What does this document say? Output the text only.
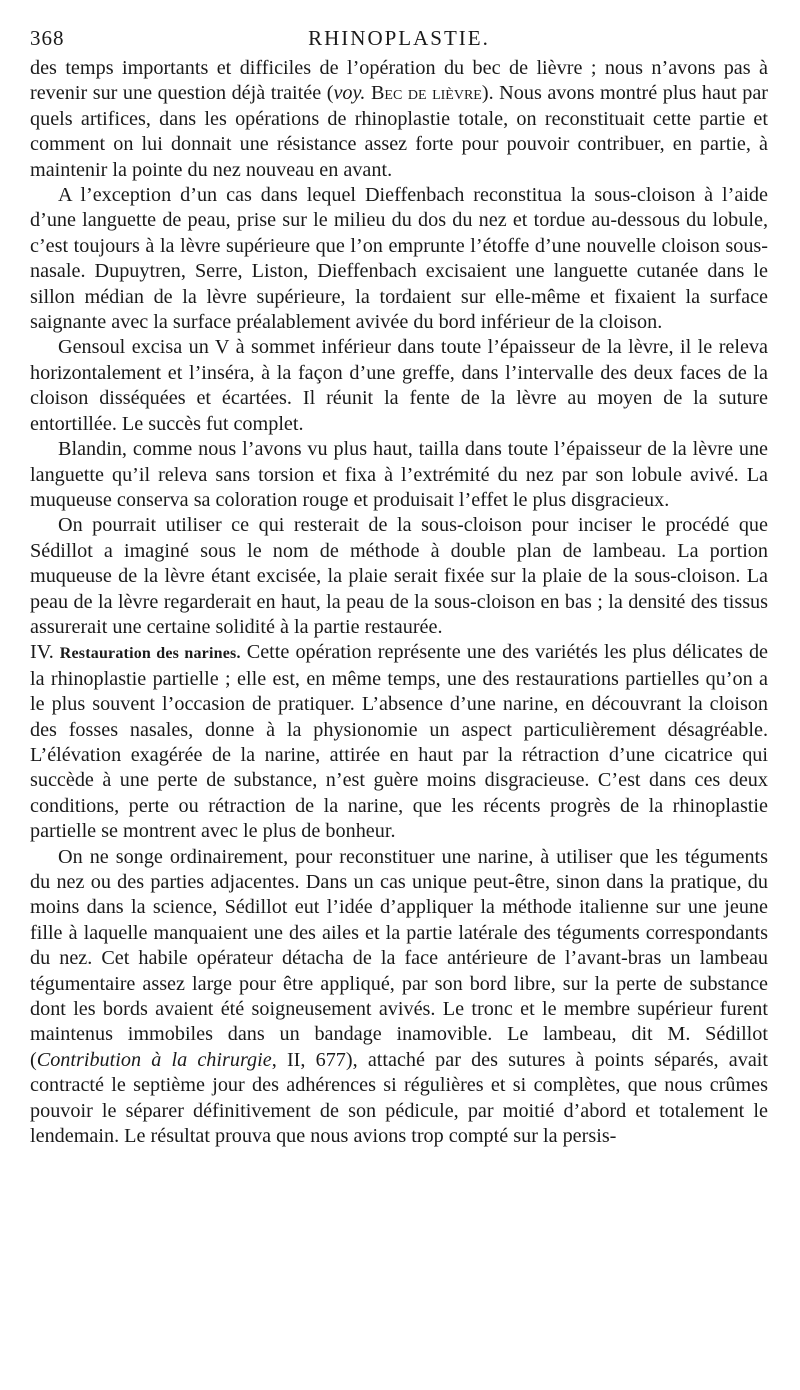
368	RHINOPLASTIE.

des temps importants et difficiles de l’opération du bec de lièvre ; nous n’avons pas à revenir sur une question déjà traitée (voy. Bec de lièvre). Nous avons montré plus haut par quels artifices, dans les opérations de rhinoplastie totale, on reconstituait cette partie et comment on lui donnait une résistance assez forte pour pouvoir contribuer, en partie, à maintenir la pointe du nez nouveau en avant.

A l’exception d’un cas dans lequel Dieffenbach reconstitua la sous-cloison à l’aide d’une languette de peau, prise sur le milieu du dos du nez et tordue au-dessous du lobule, c’est toujours à la lèvre supérieure que l’on emprunte l’étoffe d’une nouvelle cloison sous-nasale. Dupuytren, Serre, Liston, Dieffenbach excisaient une languette cutanée dans le sillon médian de la lèvre supérieure, la tordaient sur elle-même et fixaient la surface saignante avec la surface préalablement avivée du bord inférieur de la cloison.

Gensoul excisa un V à sommet inférieur dans toute l’épaisseur de la lèvre, il le releva horizontalement et l’inséra, à la façon d’une greffe, dans l’intervalle des deux faces de la cloison disséquées et écartées. Il réunit la fente de la lèvre au moyen de la suture entortillée. Le succès fut complet.

Blandin, comme nous l’avons vu plus haut, tailla dans toute l’épaisseur de la lèvre une languette qu’il releva sans torsion et fixa à l’extrémité du nez par son lobule avivé. La muqueuse conserva sa coloration rouge et produisait l’effet le plus disgracieux.

On pourrait utiliser ce qui resterait de la sous-cloison pour inciser le procédé que Sédillot a imaginé sous le nom de méthode à double plan de lambeau. La portion muqueuse de la lèvre étant excisée, la plaie serait fixée sur la plaie de la sous-cloison. La peau de la lèvre regarderait en haut, la peau de la sous-cloison en bas ; la densité des tissus assurerait une certaine solidité à la partie restaurée.

IV. Restauration des narines. Cette opération représente une des variétés les plus délicates de la rhinoplastie partielle ; elle est, en même temps, une des restaurations partielles qu’on a le plus souvent l’occasion de pratiquer. L’absence d’une narine, en découvrant la cloison des fosses nasales, donne à la physionomie un aspect particulièrement désagréable. L’élévation exagérée de la narine, attirée en haut par la rétraction d’une cicatrice qui succède à une perte de substance, n’est guère moins disgracieuse. C’est dans ces deux conditions, perte ou rétraction de la narine, que les récents progrès de la rhinoplastie partielle se montrent avec le plus de bonheur.

On ne songe ordinairement, pour reconstituer une narine, à utiliser que les téguments du nez ou des parties adjacentes. Dans un cas unique peut-être, sinon dans la pratique, du moins dans la science, Sédillot eut l’idée d’appliquer la méthode italienne sur une jeune fille à laquelle manquaient une des ailes et la partie latérale des téguments correspondants du nez. Cet habile opérateur détacha de la face antérieure de l’avant-bras un lambeau tégumentaire assez large pour être appliqué, par son bord libre, sur la perte de substance dont les bords avaient été soigneusement avivés. Le tronc et le membre supérieur furent maintenus immobiles dans un bandage inamovible. Le lambeau, dit M. Sédillot (Contribution à la chirurgie, II, 677), attaché par des sutures à points séparés, avait contracté le septième jour des adhérences si régulières et si complètes, que nous crûmes pouvoir le séparer définitivement de son pédicule, par moitié d’abord et totalement le lendemain. Le résultat prouva que nous avions trop compté sur la persis-
